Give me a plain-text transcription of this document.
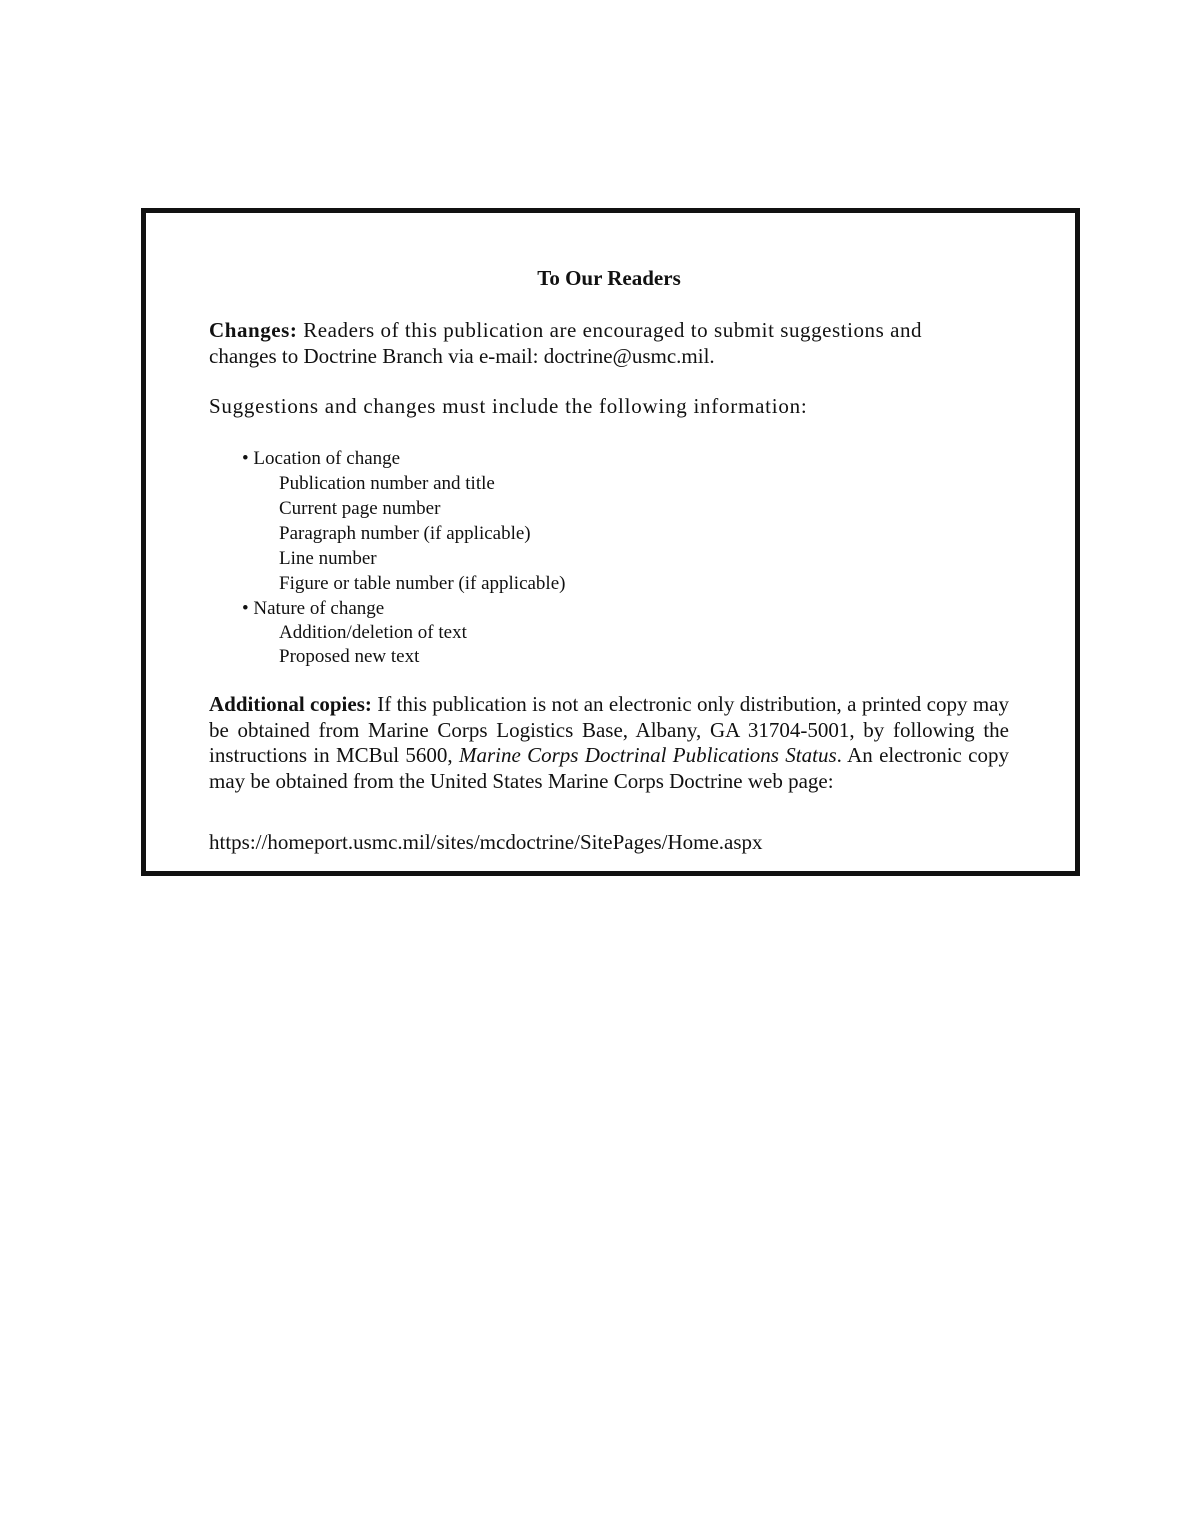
To Our Readers
Changes: Readers of this publication are encouraged to submit suggestions and
changes to Doctrine Branch via e-mail: doctrine@usmc.mil.
Suggestions and changes must include the following information:
• Location of change
Publication number and title
Current page number
Paragraph number (if applicable)
Line number
Figure or table number (if applicable)
• Nature of change
Addition/deletion of text
Proposed new text
Additional copies: If this publication is not an electronic only distribution, a printed copy may be obtained from Marine Corps Logistics Base, Albany, GA 31704-5001, by following the instructions in MCBul 5600, Marine Corps Doctrinal Publications Status. An electronic copy may be obtained from the United States Marine Corps Doctrine web page:
https://homeport.usmc.mil/sites/mcdoctrine/SitePages/Home.aspx
